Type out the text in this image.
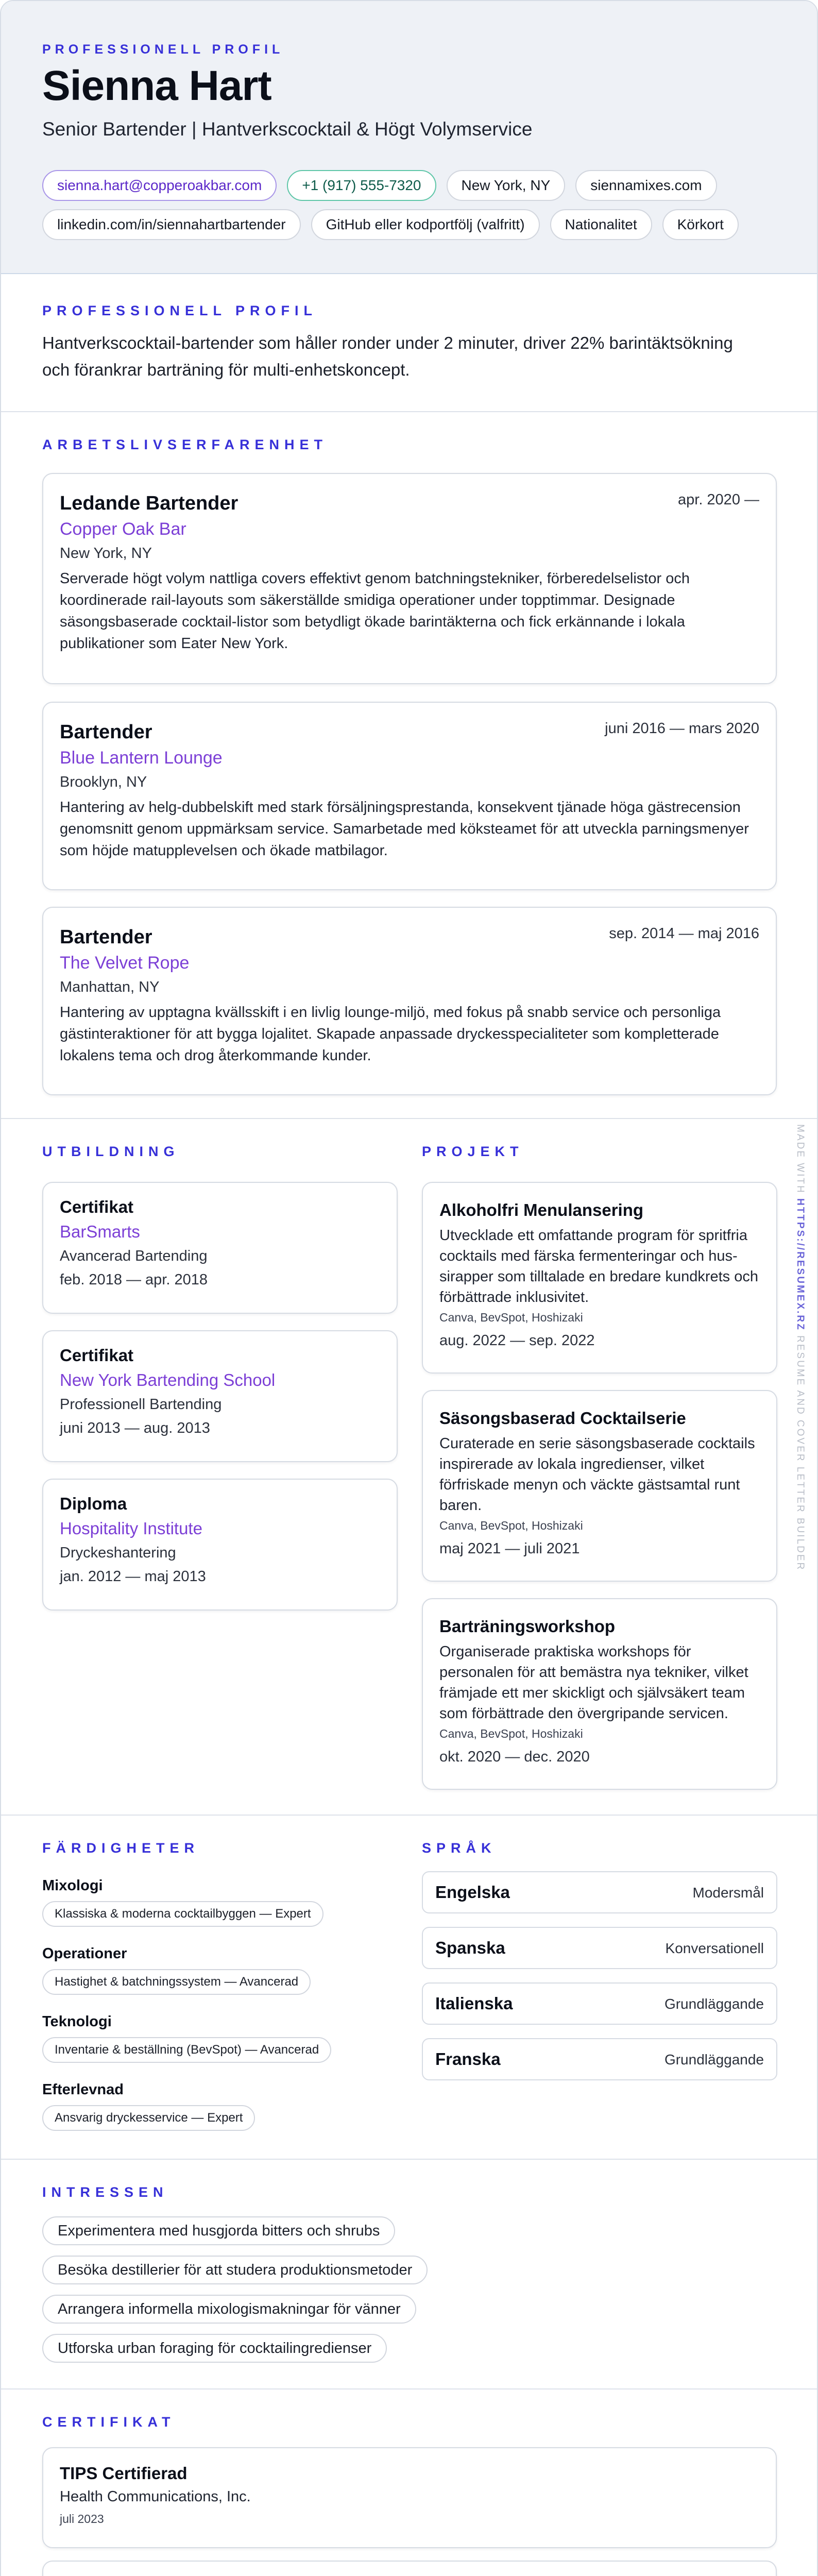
PROFESSIONELL PROFIL
Sienna Hart
Senior Bartender | Hantverkscocktail & Högt Volymservice
sienna.hart@copperoakbar.com	+1 (917) 555-7320	New York, NY	siennamixes.com
linkedin.com/in/siennahartbartender	GitHub eller kodportfölj (valfritt)	Nationalitet	Körkort
PROFESSIONELL PROFIL
Hantverkscocktail-bartender som håller ronder under 2 minuter, driver 22% barintäktsökning och förankrar barträning för multi-enhetskoncept.
ARBETSLIVSERFARENHET
Ledande Bartender	apr. 2020 —
Copper Oak Bar
New York, NY
Serverade högt volym nattliga covers effektivt genom batchningstekniker, förberedelselistor och koordinerade rail-layouts som säkerställde smidiga operationer under topptimmar. Designade säsongsbaserade cocktail-listor som betydligt ökade barintäkterna och fick erkännande i lokala publikationer som Eater New York.
Bartender	juni 2016 — mars 2020
Blue Lantern Lounge
Brooklyn, NY
Hantering av helg-dubbelskift med stark försäljningsprestanda, konsekvent tjänade höga gästrecension genomsnitt genom uppmärksam service. Samarbetade med köksteamet för att utveckla parningsmenyer som höjde matupplevelsen och ökade matbilagor.
Bartender	sep. 2014 — maj 2016
The Velvet Rope
Manhattan, NY
Hantering av upptagna kvällsskift i en livlig lounge-miljö, med fokus på snabb service och personliga gästinteraktioner för att bygga lojalitet. Skapade anpassade dryckesspecialiteter som kompletterade lokalens tema och drog återkommande kunder.
UTBILDNING	PROJEKT
Certifikat
BarSmarts
Avancerad Bartending
feb. 2018 — apr. 2018
Certifikat
New York Bartending School
Professionell Bartending
juni 2013 — aug. 2013
Diploma
Hospitality Institute
Dryckeshantering
jan. 2012 — maj 2013
Alkoholfri Menulansering
Utvecklade ett omfattande program för spritfria cocktails med färska fermenteringar och hus-sirapper som tilltalade en bredare kundkrets och förbättrade inklusivitet.
Canva, BevSpot, Hoshizaki
aug. 2022 — sep. 2022
Säsongsbaserad Cocktailserie
Curaterade en serie säsongsbaserade cocktails inspirerade av lokala ingredienser, vilket förfriskade menyn och väckte gästsamtal runt baren.
Canva, BevSpot, Hoshizaki
maj 2021 — juli 2021
Barträningsworkshop
Organiserade praktiska workshops för personalen för att bemästra nya tekniker, vilket främjade ett mer skickligt och självsäkert team som förbättrade den övergripande servicen.
Canva, BevSpot, Hoshizaki
okt. 2020 — dec. 2020
FÄRDIGHETER	SPRÅK
Mixologi
Klassiska & moderna cocktailbyggen — Expert
Operationer
Hastighet & batchningssystem — Avancerad
Teknologi
Inventarie & beställning (BevSpot) — Avancerad
Efterlevnad
Ansvarig dryckesservice — Expert
Engelska	Modersmål
Spanska	Konversationell
Italienska	Grundläggande
Franska	Grundläggande
INTRESSEN
Experimentera med husgjorda bitters och shrubs
Besöka destillerier för att studera produktionsmetoder
Arrangera informella mixologismakningar för vänner
Utforska urban foraging för cocktailingredienser
CERTIFIKAT
TIPS Certifierad
Health Communications, Inc.
juli 2023
MADE WITH HTTPS://RESUMEX.RZ RESUME AND COVER LETTER BUILDER
